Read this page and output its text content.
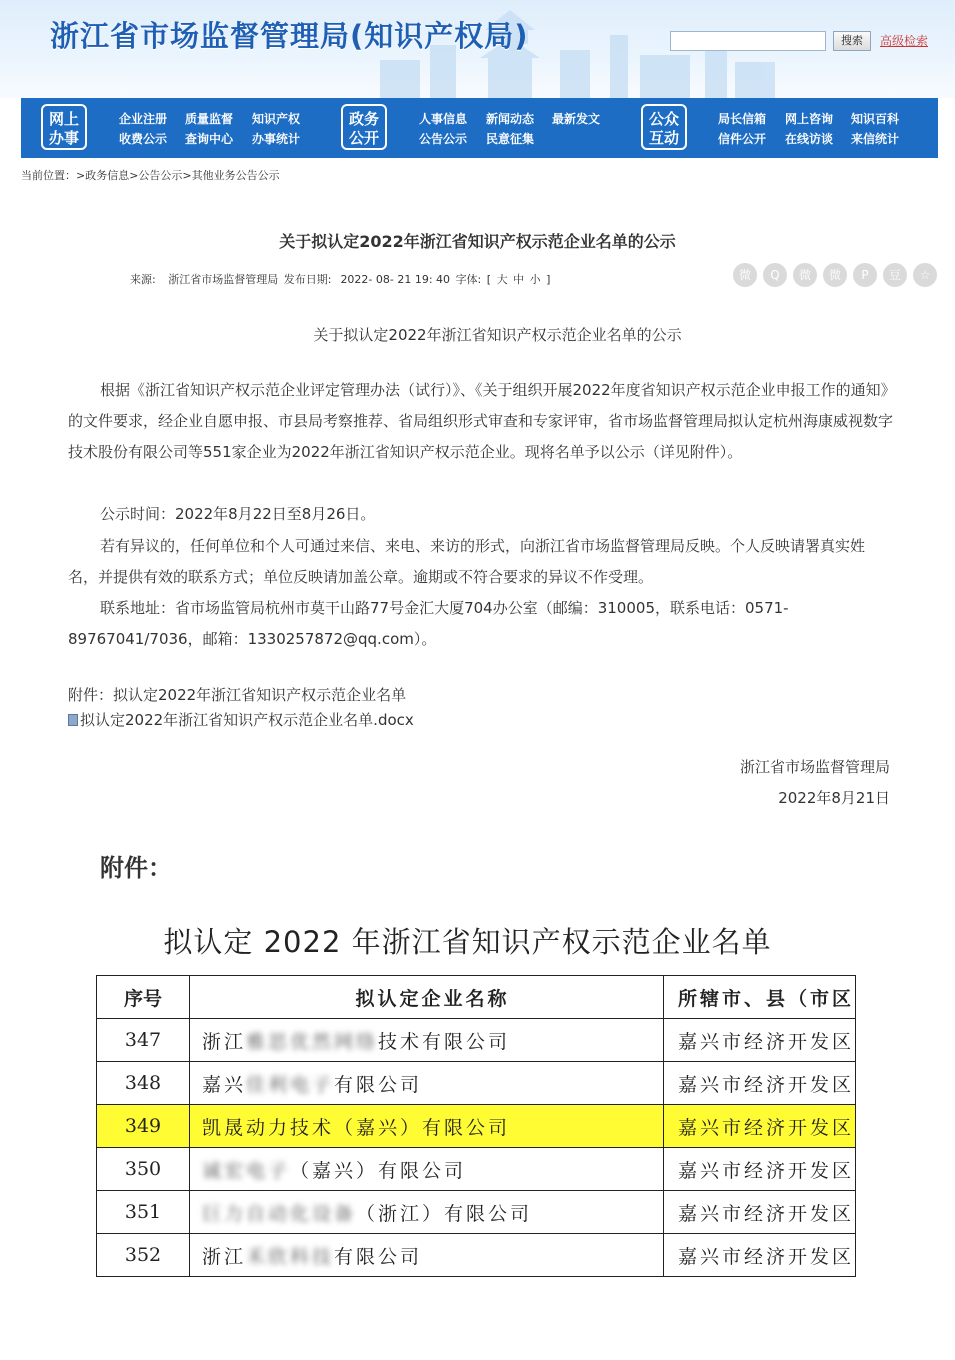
浙江省市场监督管理局(知识产权局)	搜索	高级检索
网上
办事
企业注册
收费公示
质量监督
查询中心
知识产权
办事统计
政务
公开
人事信息
公告公示
新闻动态
民意征集
最新发文	公众
互动
局长信箱
信件公开
网上咨询
在线访谈
知识百科
来信统计
当前位置：>政务信息>公告公示>其他业务公告公示
关于拟认定2022年浙江省知识产权示范企业名单的公示
来源: 浙江省市场监督管理局 发布日期: 2022- 08- 21 19: 40 字体: [ 大 中 小 ]	微	Q	微	微	P	豆	☆
关于拟认定2022年浙江省知识产权示范企业名单的公示

根据《浙江省知识产权示范企业评定管理办法（试行）》、《关于组织开展2022年度省知识产权示范企业申报工作的通知》的文件要求，经企业自愿申报、市县局考察推荐、省局组织形式审查和专家评审，省市场监督管理局拟认定杭州海康威视数字技术股份有限公司等551家企业为2022年浙江省知识产权示范企业。现将名单予以公示（详见附件）。

公示时间：2022年8月22日至8月26日。

若有异议的，任何单位和个人可通过来信、来电、来访的形式，向浙江省市场监督管理局反映。个人反映请署真实姓名，并提供有效的联系方式；单位反映请加盖公章。逾期或不符合要求的异议不作受理。

联系地址：省市场监管局杭州市莫干山路77号金汇大厦704办公室（邮编：310005，联系电话：0571-89767041/7036，邮箱：1330257872@qq.com）。

附件：拟认定2022年浙江省知识产权示范企业名单
拟认定2022年浙江省知识产权示范企业名单.docx
浙江省市场监督管理局
2022年8月21日
附件：
拟认定 2022 年浙江省知识产权示范企业名单
序号	拟认定企业名称	所辖市、县（市区
347	浙江雅思优然网络技术有限公司	嘉兴市经济开发区
348	嘉兴佳利电子有限公司	嘉兴市经济开发区
349	凯晟动力技术（嘉兴）有限公司	嘉兴市经济开发区
350	诚宏电子（嘉兴）有限公司	嘉兴市经济开发区
351	巨力自动化设备（浙江）有限公司	嘉兴市经济开发区
352	浙江禾欣科技有限公司	嘉兴市经济开发区
